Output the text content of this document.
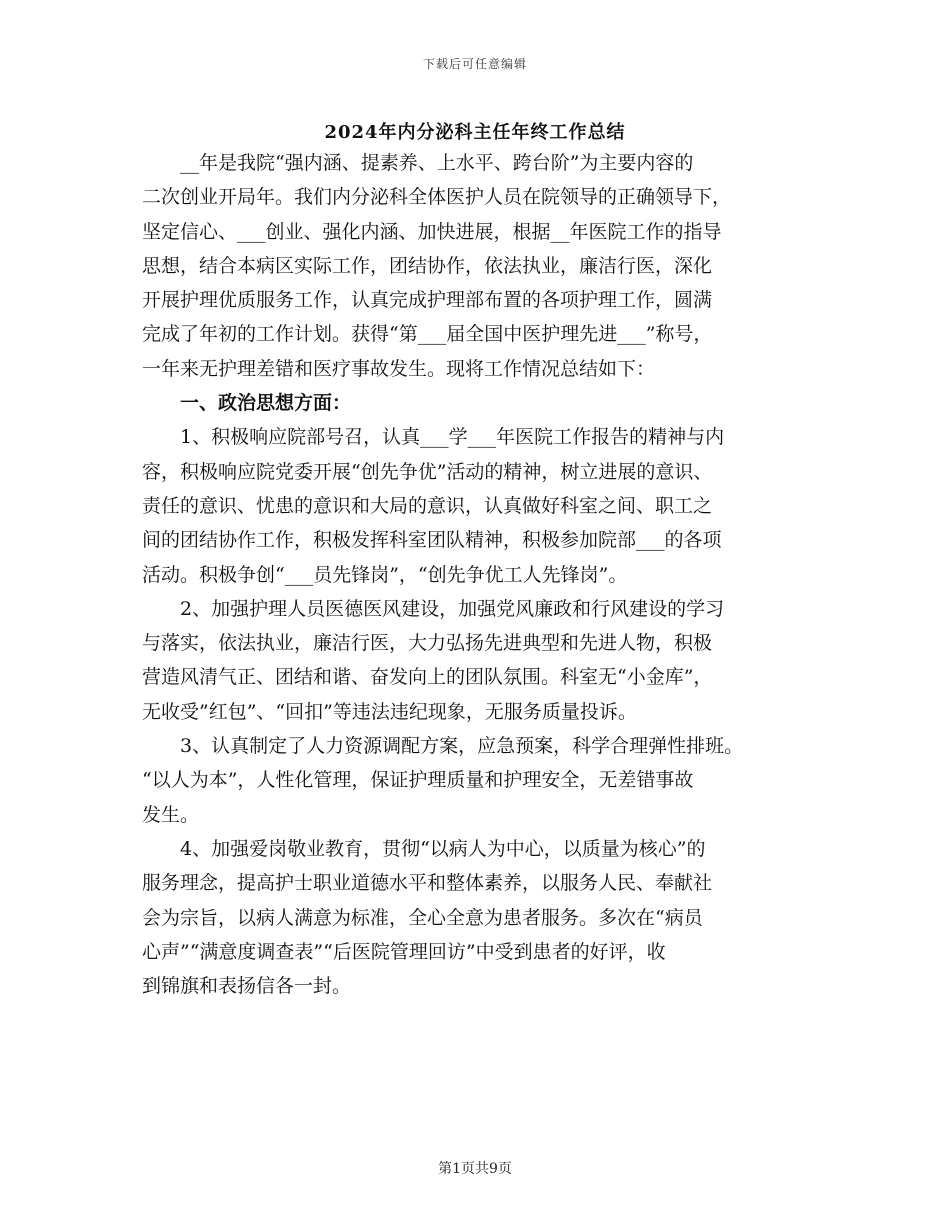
下载后可任意编辑
2024年内分泌科主任年终工作总结
__年是我院“强内涵、提素养、上水平、跨台阶”为主要内容的
二次创业开局年。我们内分泌科全体医护人员在院领导的正确领导下，
坚定信心、___创业、强化内涵、加快进展，根据__年医院工作的指导
思想，结合本病区实际工作，团结协作，依法执业，廉洁行医，深化
开展护理优质服务工作，认真完成护理部布置的各项护理工作，圆满
完成了年初的工作计划。获得“第___届全国中医护理先进___”称号，
一年来无护理差错和医疗事故发生。现将工作情况总结如下：
一、政治思想方面：
1、积极响应院部号召，认真___学___年医院工作报告的精神与内
容，积极响应院党委开展“创先争优”活动的精神，树立进展的意识、
责任的意识、忧患的意识和大局的意识，认真做好科室之间、职工之
间的团结协作工作，积极发挥科室团队精神，积极参加院部___的各项
活动。积极争创“___员先锋岗”，“创先争优工人先锋岗”。
2、加强护理人员医德医风建设，加强党风廉政和行风建设的学习
与落实，依法执业，廉洁行医，大力弘扬先进典型和先进人物，积极
营造风清气正、团结和谐、奋发向上的团队氛围。科室无“小金库”，
无收受”红包”、“回扣”等违法违纪现象，无服务质量投诉。
3、认真制定了人力资源调配方案，应急预案，科学合理弹性排班。
“以人为本”，人性化管理，保证护理质量和护理安全，无差错事故
发生。
4、加强爱岗敬业教育，贯彻“以病人为中心，以质量为核心”的
服务理念，提高护士职业道德水平和整体素养，以服务人民、奉献社
会为宗旨，以病人满意为标准，全心全意为患者服务。多次在“病员
心声”“满意度调查表”“后医院管理回访”中受到患者的好评，收
到锦旗和表扬信各一封。
第1页共9页
